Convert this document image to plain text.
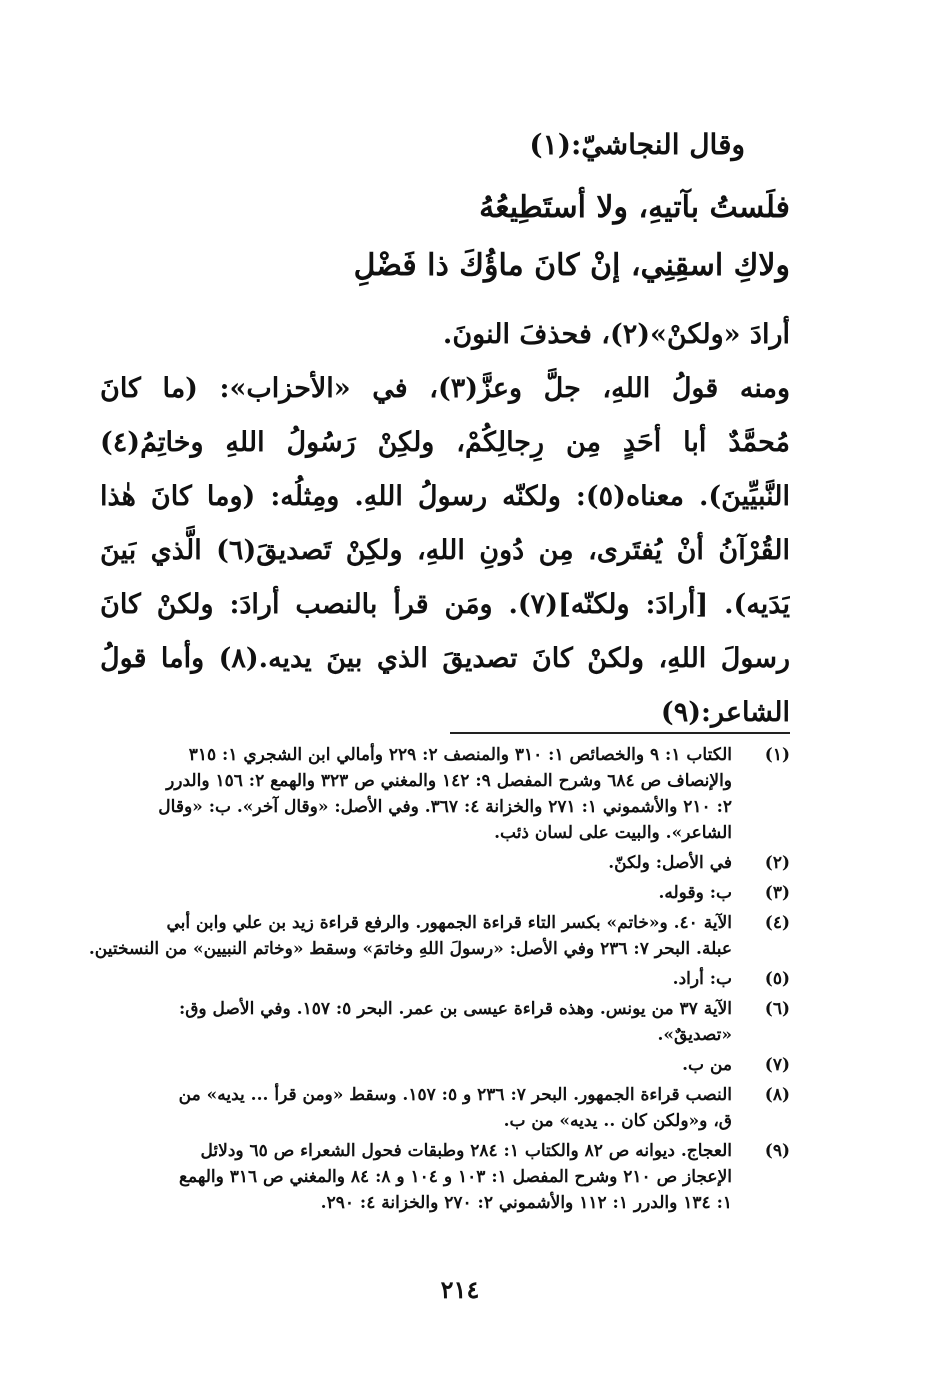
وقال النجاشيّ:(١)
فلَستُ بآتيهِ، ولا أستَطِيعُهُ
ولاكِ اسقِنِي، إنْ كانَ ماؤُكَ ذا فَضْلِ
أرادَ «ولكنْ»(٢)، فحذفَ النونَ.
ومنه قولُ اللهِ، جلَّ وعزَّ(٣)، في «الأحزاب»: (ما كانَ
مُحمَّدٌ أبا أحَدٍ مِن رِجالِكُمْ، ولكِنْ رَسُولُ اللهِ وخاتِمُ(٤)
النَّبيِّينَ). معناه(٥): ولكنّه رسولُ اللهِ. ومِثلُه: (وما كانَ هٰذا
القُرْآنُ أنْ يُفتَرى، مِن دُونِ اللهِ، ولكِنْ تَصديقَ(٦) الَّذي بَينَ
يَدَيه). [أرادَ: ولكنّه](٧). ومَن قرأ بالنصب أرادَ: ولكنْ كانَ
رسولَ اللهِ، ولكنْ كانَ تصديقَ الذي بينَ يديه.(٨) وأما قولُ
الشاعر:(٩)
(١)
الكتاب ١: ٩ والخصائص ١: ٣١٠ والمنصف ٢: ٢٢٩ وأمالي ابن الشجري ١: ٣١٥
والإنصاف ص ٦٨٤ وشرح المفصل ٩: ١٤٢ والمغني ص ٣٢٣ والهمع ٢: ١٥٦ والدرر
٢: ٢١٠ والأشموني ١: ٢٧١ والخزانة ٤: ٣٦٧. وفي الأصل: «وقال آخر». ب: «وقال
الشاعر». والبيت على لسان ذئب.
(٢)
في الأصل: ولكنّ.
(٣)
ب: وقوله.
(٤)
الآية ٤٠. و«خاتم» بكسر التاء قراءة الجمهور. والرفع قراءة زيد بن علي وابن أبي
عبلة. البحر ٧: ٢٣٦ وفي الأصل: «رسولَ اللهِ وخاتمَ» وسقط «وخاتم النبيين» من النسختين.
(٥)
ب: أراد.
(٦)
الآية ٣٧ من يونس. وهذه قراءة عيسى بن عمر. البحر ٥: ١٥٧. وفي الأصل وق:
«تصديقٌ».
(٧)
من ب.
(٨)
النصب قراءة الجمهور. البحر ٧: ٢٣٦ و ٥: ١٥٧. وسقط «ومن قرأ ... يديه» من
ق، و«ولكن كان .. يديه» من ب.
(٩)
العجاج. ديوانه ص ٨٢ والكتاب ١: ٢٨٤ وطبقات فحول الشعراء ص ٦٥ ودلائل
الإعجاز ص ٢١٠ وشرح المفصل ١: ١٠٣ و ١٠٤ و ٨: ٨٤ والمغني ص ٣١٦ والهمع
١: ١٣٤ والدرر ١: ١١٢ والأشموني ٢: ٢٧٠ والخزانة ٤: ٢٩٠.
٢١٤
